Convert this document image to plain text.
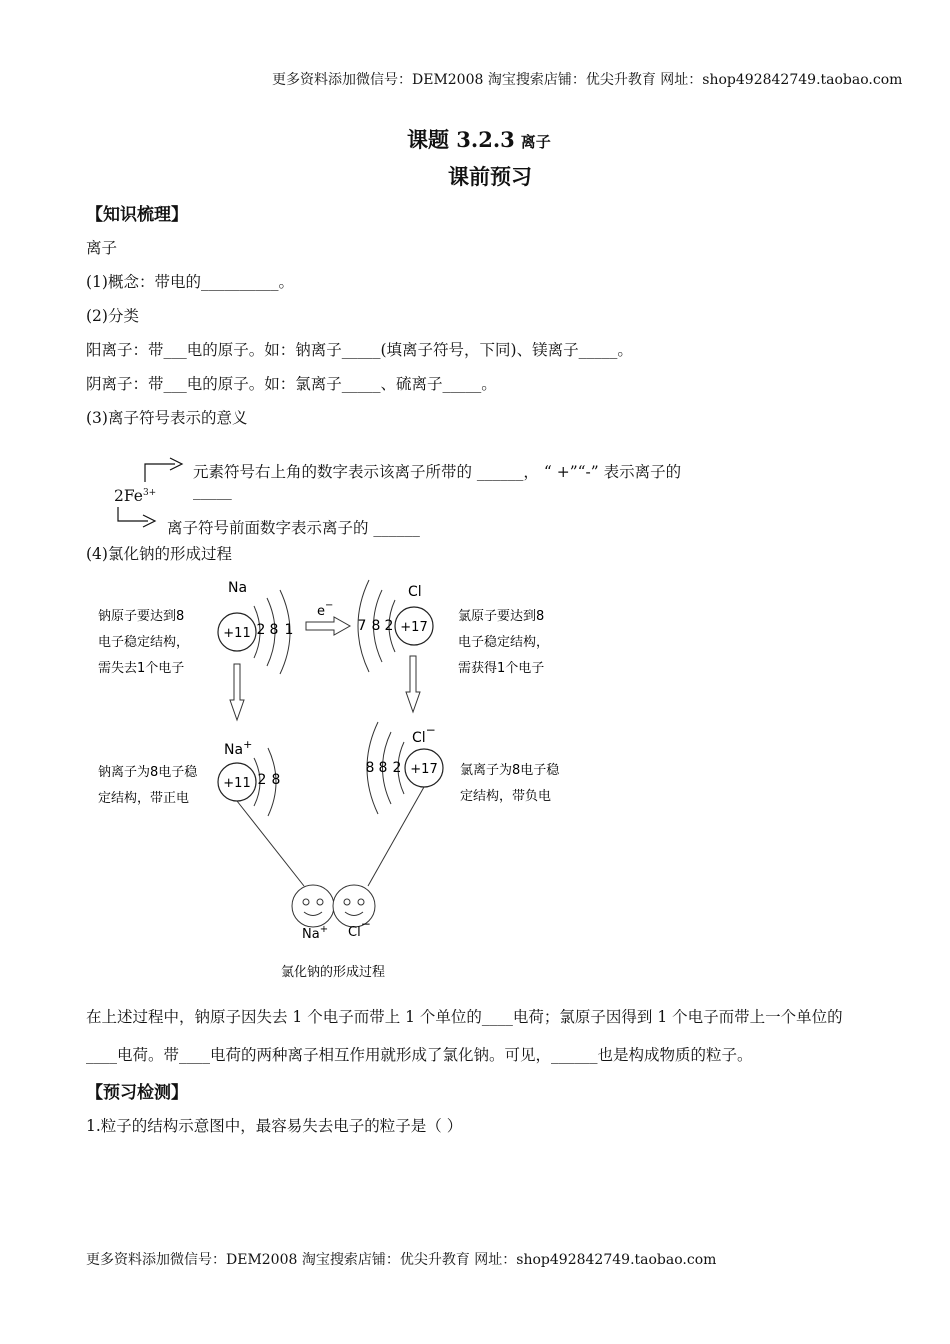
更多资料添加微信号：DEM2008 淘宝搜索店铺：优尖升教育 网址：shop492842749.taobao.com
课题 3.2.3 离子
课前预习
【知识梳理】
离子
(1)概念：带电的__________。
(2)分类
阳离子：带___电的原子。如：钠离子_____(填离子符号，下同)、镁离子_____。
阴离子：带___电的原子。如：氯离子_____、硫离子_____。
(3)离子符号表示的意义
$2Fe^{3+}$
元素符号右上角的数字表示该离子所带的 ______， “ +”“-” 表示离子的
_____
离子符号前面数字表示离子的 ______
(4)氯化钠的形成过程
Na
+11 2 8 1
e−
Cl
+17
7 8 2
钠原子要达到8
电子稳定结构，
需失去1个电子
氯原子要达到8
电子稳定结构，
需获得1个电子
Na+
+11 2 8
Cl−
+17
8 8 2
钠离子为8电子稳
定结构，带正电
氯离子为8电子稳
定结构，带负电
Na+ Cl−
氯化钠的形成过程
在上述过程中，钠原子因失去 1 个电子而带上 1 个单位的____电荷；氯原子因得到 1 个电子而带上一个单位的____电荷。带____电荷的两种离子相互作用就形成了氯化钠。可见，______也是构成物质的粒子。
【预习检测】
1.粒子的结构示意图中，最容易失去电子的粒子是（ ）
更多资料添加微信号：DEM2008 淘宝搜索店铺：优尖升教育 网址：shop492842749.taobao.com
